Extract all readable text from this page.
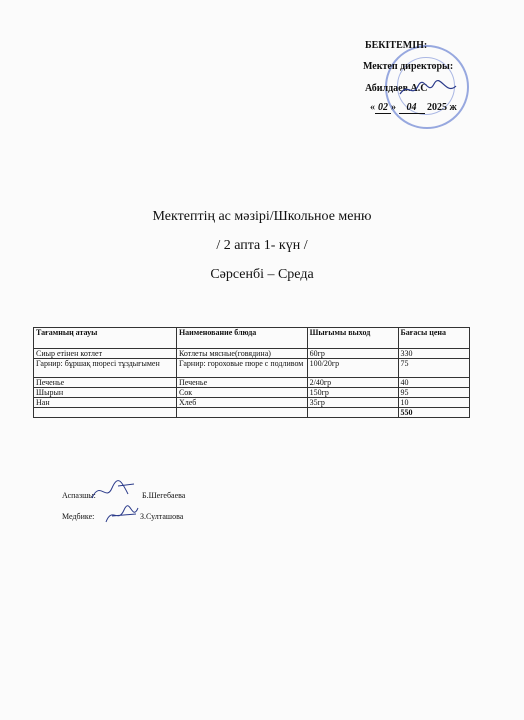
БЕКІТЕМІН:
Мектеп директоры:
Абилдаев.А.С
« 02 » 04 2025 ж
Мектептің ас мәзірі/Школьное меню
/ 2 апта 1- күн /
Сәрсенбі – Среда
Тағамның атауы	Наименование блюда	Шығымы выход	Бағасы цена
Сиыр етінен котлет	Котлеты мясные(говядина)	60гр	330
Гарнир: бұршақ пюресі тұздығымен	Гарнир: гороховые пюре с подливом	100/20гр	75
Печенье	Печенье	2/40гр	40
Шырын	Сок	150гр	95
Нан	Хлеб	35гр	10
			550
Аспазшы:	Б.Шегебаева
Медбике:	З.Султашова
